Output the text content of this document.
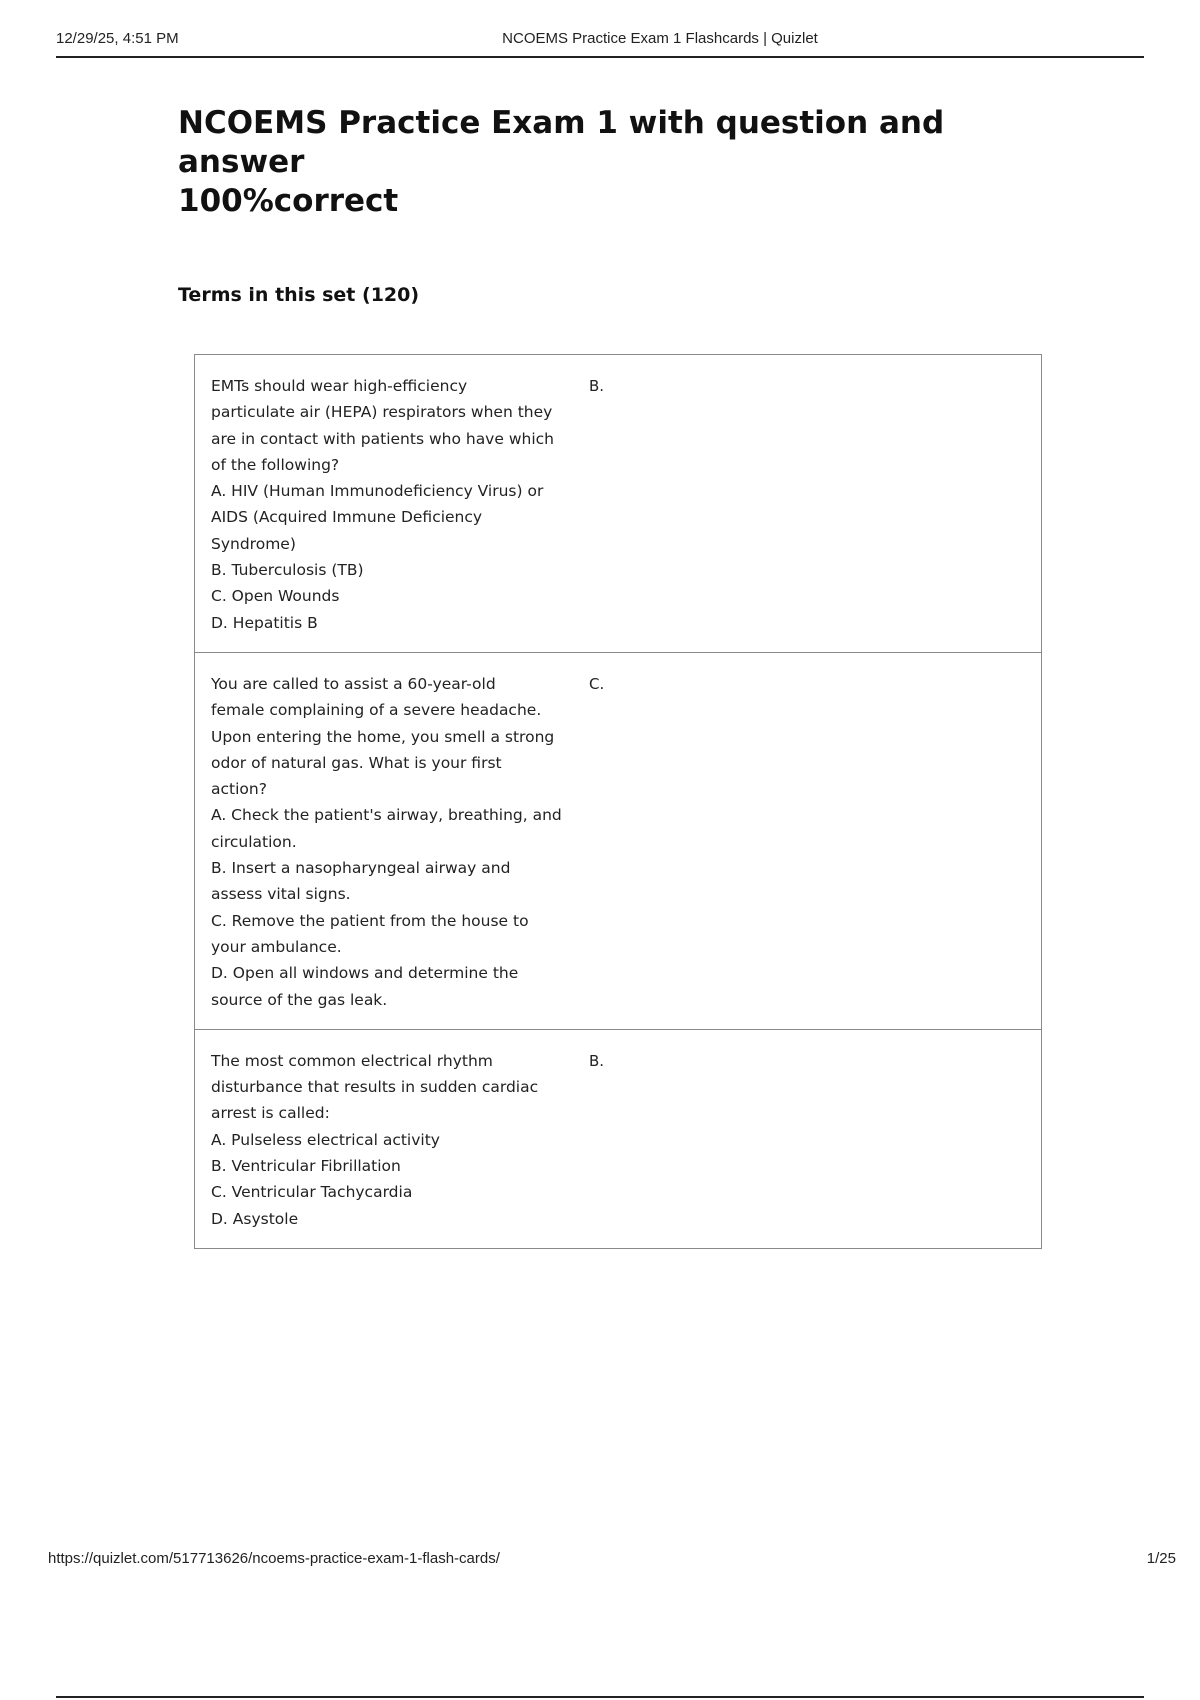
12/29/25, 4:51 PM	NCOEMS Practice Exam 1 Flashcards | Quizlet
NCOEMS Practice Exam 1 with question and answer
100%correct
Terms in this set (120)
EMTs should wear high-efficiency
particulate air (HEPA) respirators when they
are in contact with patients who have which
of the following?
A. HIV (Human Immunodeficiency Virus) or
AIDS (Acquired Immune Deficiency
Syndrome)
B. Tuberculosis (TB)
C. Open Wounds
D. Hepatitis B
B.
You are called to assist a 60-year-old
female complaining of a severe headache.
Upon entering the home, you smell a strong
odor of natural gas. What is your first
action?
A. Check the patient's airway, breathing, and
circulation.
B. Insert a nasopharyngeal airway and
assess vital signs.
C. Remove the patient from the house to
your ambulance.
D. Open all windows and determine the
source of the gas leak.
C.
The most common electrical rhythm
disturbance that results in sudden cardiac
arrest is called:
A. Pulseless electrical activity
B. Ventricular Fibrillation
C. Ventricular Tachycardia
D. Asystole
B.
https://quizlet.com/517713626/ncoems-practice-exam-1-flash-cards/	1/25
